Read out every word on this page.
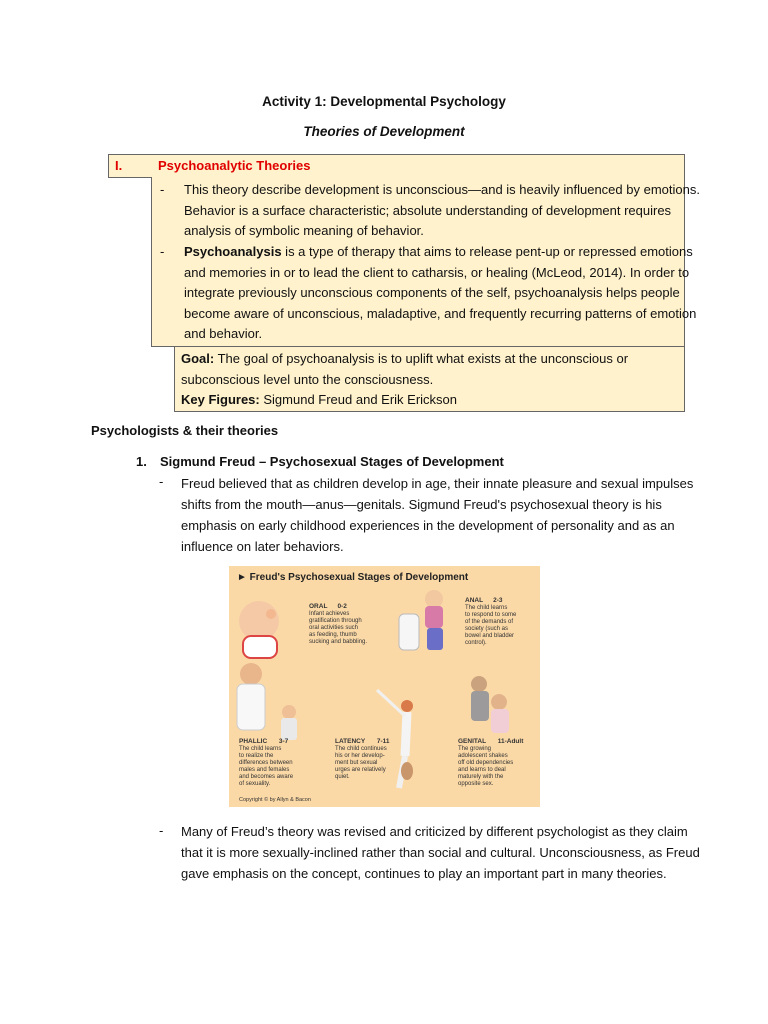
Activity 1: Developmental Psychology
Theories of Development
I.	Psychoanalytic Theories
- This theory describe development is unconscious—and is heavily influenced by emotions.
Behavior is a surface characteristic; absolute understanding of development requires
analysis of symbolic meaning of behavior.
- Psychoanalysis is a type of therapy that aims to release pent-up or repressed emotions
and memories in or to lead the client to catharsis, or healing (McLeod, 2014). In order to
integrate previously unconscious components of the self, psychoanalysis helps people
become aware of unconscious, maladaptive, and frequently recurring patterns of emotion
and behavior.

Goal: The goal of psychoanalysis is to uplift what exists at the unconscious or

subconscious level unto the consciousness.

Key Figures: Sigmund Freud and Erik Erickson

Psychologists & their theories
1. Sigmund Freud – Psychosexual Stages of Development
- Freud believed that as children develop in age, their innate pleasure and sexual impulses
shifts from the mouth—anus—genitals. Sigmund Freud's psychosexual theory is his
emphasis on early childhood experiences in the development of personality and as an
influence on later behaviors.
► Freud's Psychosexual Stages of Development
ORAL 0-2
Infant achieves
gratification through
oral activities such
as feeding, thumb
sucking and babbling.
ANAL 2-3
The child learns
to respond to some
of the demands of
society (such as
bowel and bladder
control).
PHALLIC 3-7
The child learns
to realize the
differences between
males and females
and becomes aware
of sexuality.
LATENCY 7-11
The child continues
his or her develop-
ment but sexual
urges are relatively
quiet.
GENITAL 11-Adult
The growing
adolescent shakes
off old dependencies
and learns to deal
maturely with the
opposite sex.
Copyright © by Allyn & Bacon
- Many of Freud’s theory was revised and criticized by different psychologist as they claim
that it is more sexually-inclined rather than social and cultural. Unconsciousness, as Freud
gave emphasis on the concept, continues to play an important part in many theories.
